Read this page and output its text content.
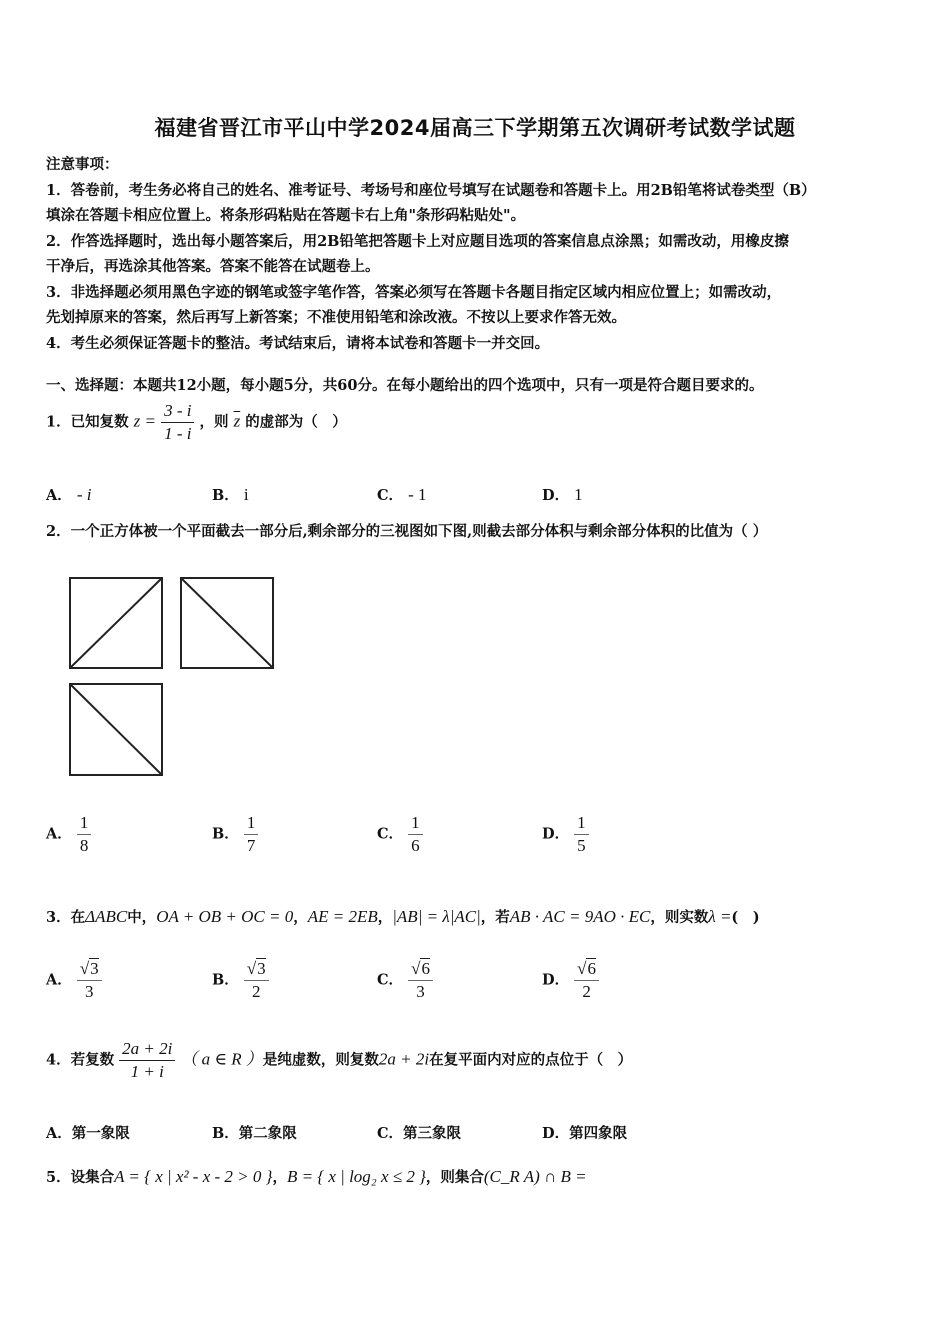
福建省晋江市平山中学2024届高三下学期第五次调研考试数学试题

注意事项：

1．答卷前，考生务必将自己的姓名、准考证号、考场号和座位号填写在试题卷和答题卡上。用2B铅笔将试卷类型（B）

填涂在答题卡相应位置上。将条形码粘贴在答题卡右上角"条形码粘贴处"。

2．作答选择题时，选出每小题答案后，用2B铅笔把答题卡上对应题目选项的答案信息点涂黑；如需改动，用橡皮擦

干净后，再选涂其他答案。答案不能答在试题卷上。

3．非选择题必须用黑色字迹的钢笔或签字笔作答，答案必须写在答题卡各题目指定区域内相应位置上；如需改动，

先划掉原来的答案，然后再写上新答案；不准使用铅笔和涂改液。不按以上要求作答无效。

4．考生必须保证答题卡的整洁。考试结束后，请将本试卷和答题卡一并交回。

一、选择题：本题共12小题，每小题5分，共60分。在每小题给出的四个选项中，只有一项是符合题目要求的。
1．已知复数 $z = \frac{3 - i}{1 - i}$ ，则 $\overline{z}$ 的虚部为（　）
A． - i	B． i	C． - 1	D． 1
2．一个正方体被一个平面截去一部分后,剩余部分的三视图如下图,则截去部分体积与剩余部分体积的比值为（ ）
A． $\frac{1}{8}$	B． $\frac{1}{7}$	C． $\frac{1}{6}$	D． $\frac{1}{5}$
3．在ΔABC中，OA + OB + OC = 0，AE = 2EB，|AB| = λ|AC|，若AB · AC = 9AO · EC，则实数λ =(　)
A． $\frac{√3}{3}$	B． $\frac{√3}{2}$	C． $\frac{√6}{3}$	D． $\frac{√6}{2}$
4．若复数 $\frac{2a + 2i}{1 + i}$ （ a ∈ R ）是纯虚数，则复数2a + 2i在复平面内对应的点位于（　）
A．第一象限	B．第二象限	C．第三象限	D．第四象限
5．设集合A = { x | x² - x - 2 > 0 }，B = { x | log₂ x ≤ 2 }，则集合(C_R A) ∩ B =
